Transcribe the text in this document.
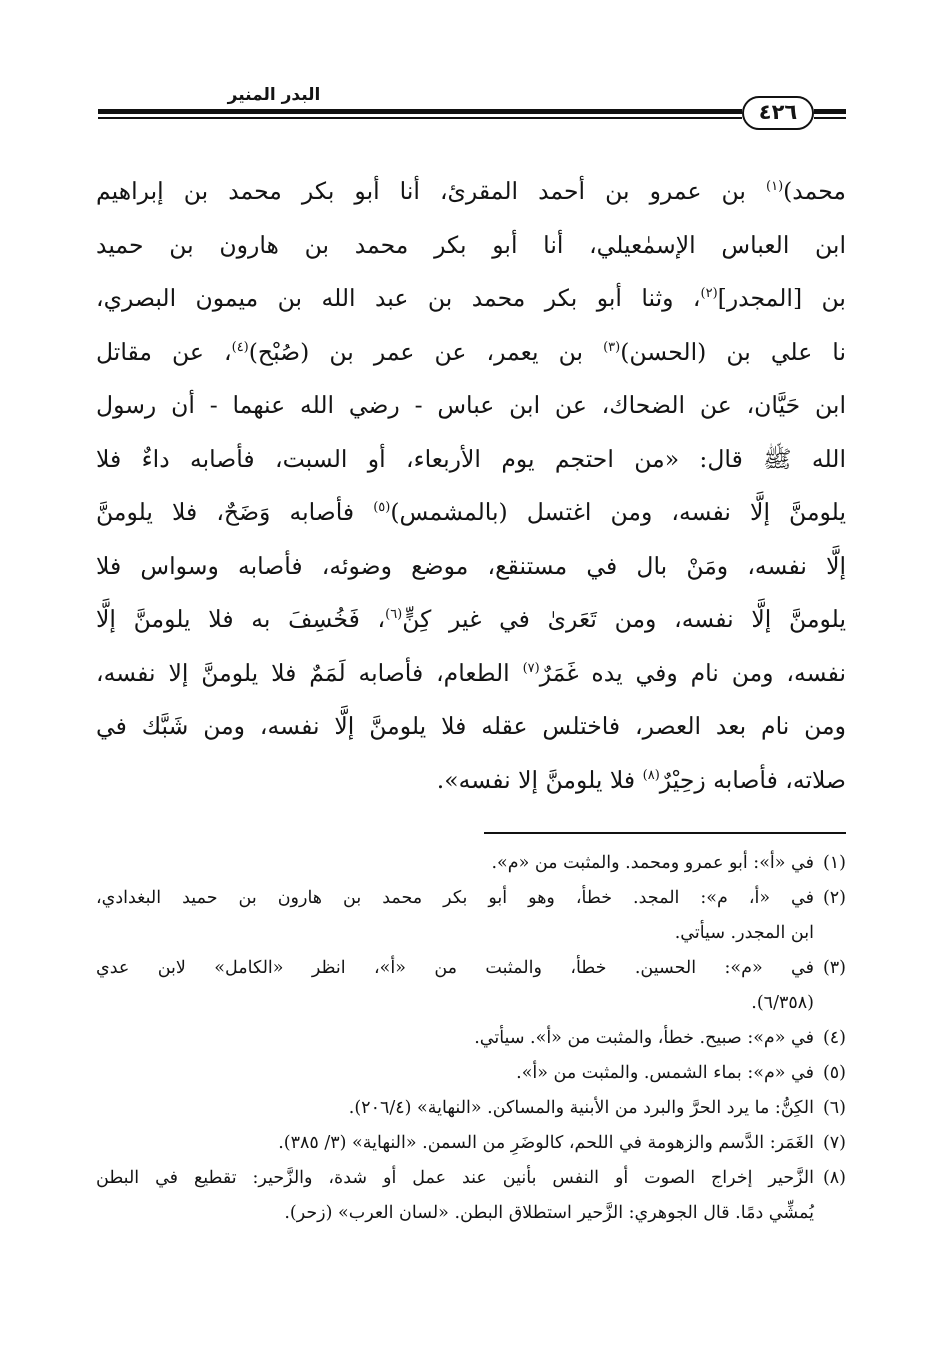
البدر المنير
٤٢٦
محمد)$^{(١)}$ بن عمرو بن أحمد المقرئ، أنا أبو بكر محمد بن إبراهيم
ابن العباس الإسمٰعيلي، أنا أبو بكر محمد بن هارون بن حميد
بن [المجدر]$^{(٢)}$، وثنا أبو بكر محمد بن عبد الله بن ميمون البصري،
نا علي بن (الحسن)$^{(٣)}$ بن يعمر، عن عمر بن (صُبْح)$^{(٤)}$، عن مقاتل
ابن حَيَّان، عن الضحاك، عن ابن عباس - رضي الله عنهما - أن رسول
الله ﷺ قال: «من احتجم يوم الأربعاء، أو السبت، فأصابه داءٌ فلا
يلومنَّ إلَّا نفسه، ومن اغتسل (بالمشمس)$^{(٥)}$ فأصابه وَضَحٌ، فلا يلومنَّ
إلَّا نفسه، ومَنْ بال في مستنقع، موضع وضوئه، فأصابه وسواس فلا
يلومنَّ إلَّا نفسه، ومن تَعَرىٰ في غير كِنٍّ$^{(٦)}$، فَخُسِفَ به فلا يلومنَّ إلَّا
نفسه، ومن نام وفي يده غَمَرٌ$^{(٧)}$ الطعام، فأصابه لَمَمٌ فلا يلومنَّ إلا نفسه،
ومن نام بعد العصر، فاختلس عقله فلا يلومنَّ إلَّا نفسه، ومن شَبَّك في
صلاته، فأصابه زحِيْرٌ$^{(٨)}$ فلا يلومنَّ إلا نفسه».
(١)في «أ»: أبو عمرو ومحمد. والمثبت من «م».
(٢)في «أ، م»: المجد. خطأ، وهو أبو بكر محمد بن هارون بن حميد البغدادي،
ابن المجدر. سيأتي.
(٣)في «م»: الحسين. خطأ، والمثبت من «أ»، انظر «الكامل» لابن عدي
(٦/٣٥٨).
(٤)في «م»: صبيح. خطأ، والمثبت من «أ». سيأتي.
(٥)في «م»: بماء الشمس. والمثبت من «أ».
(٦)الكِنُّ: ما يرد الحرَّ والبرد من الأبنية والمساكن. «النهاية» (٢٠٦/٤).
(٧)الغَمَر: الدَّسم والزهومة في اللحم، كالوضَرِ من السمن. «النهاية» (٣/ ٣٨٥).
(٨)الزَّحير إخراج الصوت أو النفس بأنين عند عمل أو شدة، والزَّحير: تقطيع في البطن
يُمشِّي دمًا. قال الجوهري: الزَّحير استطلاق البطن. «لسان العرب» (زحر).
